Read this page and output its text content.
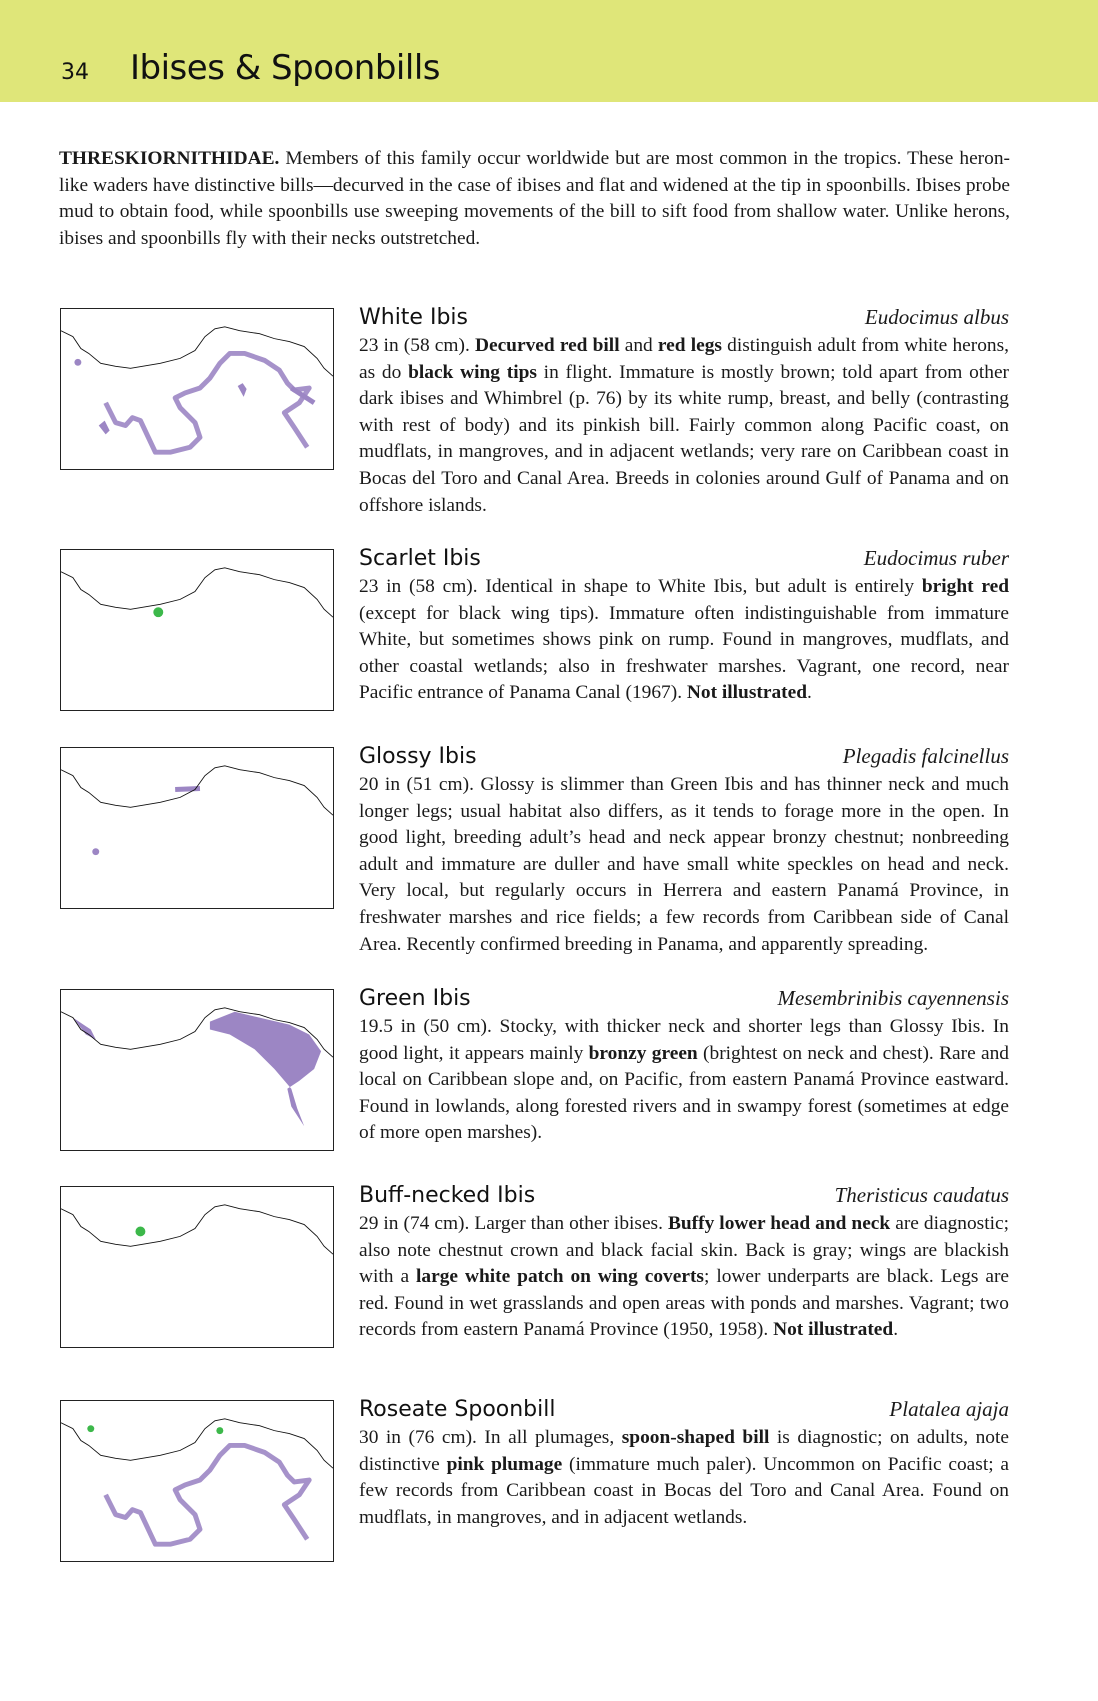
34 Ibises & Spoonbills

THRESKIORNITHIDAE. Members of this family occur worldwide but are most common in the tropics. These heron-like waders have distinctive bills—decurved in the case of ibises and flat and widened at the tip in spoonbills. Ibises probe mud to obtain food, while spoonbills use sweeping movements of the bill to sift food from shallow water. Unlike herons, ibises and spoonbills fly with their necks outstretched.

White Ibis	Eudocimus albus
23 in (58 cm). Decurved red bill and red legs distinguish adult from white herons, as do black wing tips in flight. Immature is mostly brown; told apart from other dark ibises and Whimbrel (p. 76) by its white rump, breast, and belly (contrasting with rest of body) and its pinkish bill. Fairly common along Pacific coast, on mudflats, in mangroves, and in adjacent wetlands; very rare on Caribbean coast in Bocas del Toro and Canal Area. Breeds in colonies around Gulf of Panama and on offshore islands.
Scarlet Ibis	Eudocimus ruber
23 in (58 cm). Identical in shape to White Ibis, but adult is entirely bright red (except for black wing tips). Immature often indistinguishable from immature White, but sometimes shows pink on rump. Found in mangroves, mudflats, and other coastal wetlands; also in freshwater marshes. Vagrant, one record, near Pacific entrance of Panama Canal (1967). Not illustrated.
Glossy Ibis	Plegadis falcinellus
20 in (51 cm). Glossy is slimmer than Green Ibis and has thinner neck and much longer legs; usual habitat also differs, as it tends to forage more in the open. In good light, breeding adult’s head and neck appear bronzy chestnut; nonbreeding adult and immature are duller and have small white speckles on head and neck. Very local, but regularly occurs in Herrera and eastern Panamá Province, in freshwater marshes and rice fields; a few records from Caribbean side of Canal Area. Recently confirmed breeding in Panama, and apparently spreading.
Green Ibis	Mesembrinibis cayennensis
19.5 in (50 cm). Stocky, with thicker neck and shorter legs than Glossy Ibis. In good light, it appears mainly bronzy green (brightest on neck and chest). Rare and local on Caribbean slope and, on Pacific, from eastern Panamá Province eastward. Found in lowlands, along forested rivers and in swampy forest (sometimes at edge of more open marshes).
Buff-necked Ibis	Theristicus caudatus
29 in (74 cm). Larger than other ibises. Buffy lower head and neck are diagnostic; also note chestnut crown and black facial skin. Back is gray; wings are blackish with a large white patch on wing coverts; lower underparts are black. Legs are red. Found in wet grasslands and open areas with ponds and marshes. Vagrant; two records from eastern Panamá Province (1950, 1958). Not illustrated.
Roseate Spoonbill	Platalea ajaja
30 in (76 cm). In all plumages, spoon-shaped bill is diagnostic; on adults, note distinctive pink plumage (immature much paler). Uncommon on Pacific coast; a few records from Caribbean coast in Bocas del Toro and Canal Area. Found on mudflats, in mangroves, and in adjacent wetlands.
